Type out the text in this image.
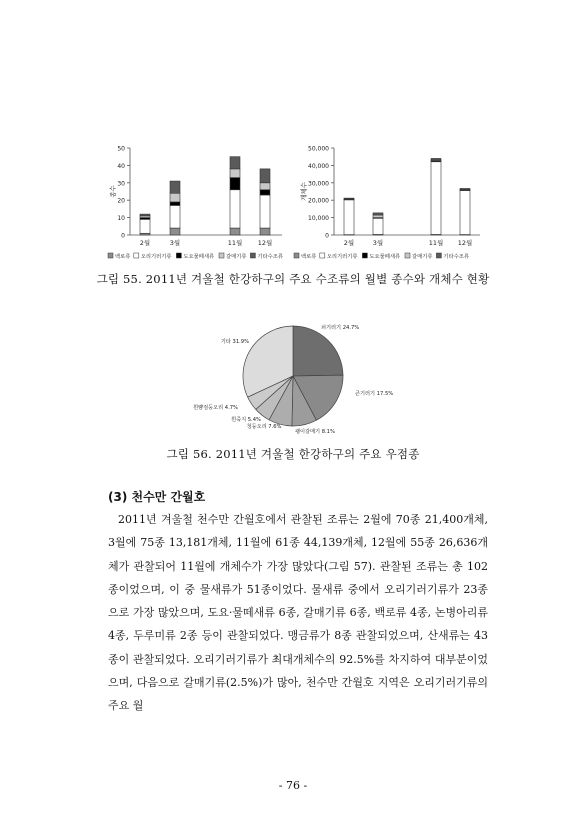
0
10
20
30
40
50
종수
2월	3월	11월 12월
백로류 오리기러기류 도요물떼새류 갈매기류 기타수조류
0
10,000
20,000
30,000
40,000
50,000
개체수
2월	3월	11월 12월
백로류 오리기러기류 도요물떼새류 갈매기류 기타수조류
그림 55. 2011년 겨울철 한강하구의 주요 수조류의 월별 종수와 개체수 현황
쇠기러기 24.7%
큰기러기 17.5%
괭이갈매기 8.1%
청둥오리 7.6%
흰죽지 5.4%
흰뺨검둥오리 4.7%
기타 31.9%
그림 56. 2011년 겨울철 한강하구의 주요 우점종
(3) 천수만 간월호
2011년 겨울철 천수만 간월호에서 관찰된 조류는 2월에 70종 21,400개체, 3월에 75종 13,181개체, 11월에 61종 44,139개체, 12월에 55종 26,636개체가 관찰되어 11월에 개체수가 가장 많았다(그림 57). 관찰된 조류는 총 102종이었으며, 이 중 물새류가 51종이었다. 물새류 중에서 오리기러기류가 23종으로 가장 많았으며, 도요·물떼새류 6종, 갈매기류 6종, 백로류 4종, 논병아리류 4종, 두루미류 2종 등이 관찰되었다. 맹금류가 8종 관찰되었으며, 산새류는 43종이 관찰되었다. 오리기러기류가 최대개체수의 92.5%를 차지하여 대부분이었으며, 다음으로 갈매기류(2.5%)가 많아, 천수만 간월호 지역은 오리기러기류의 주요 월
- 76 -
